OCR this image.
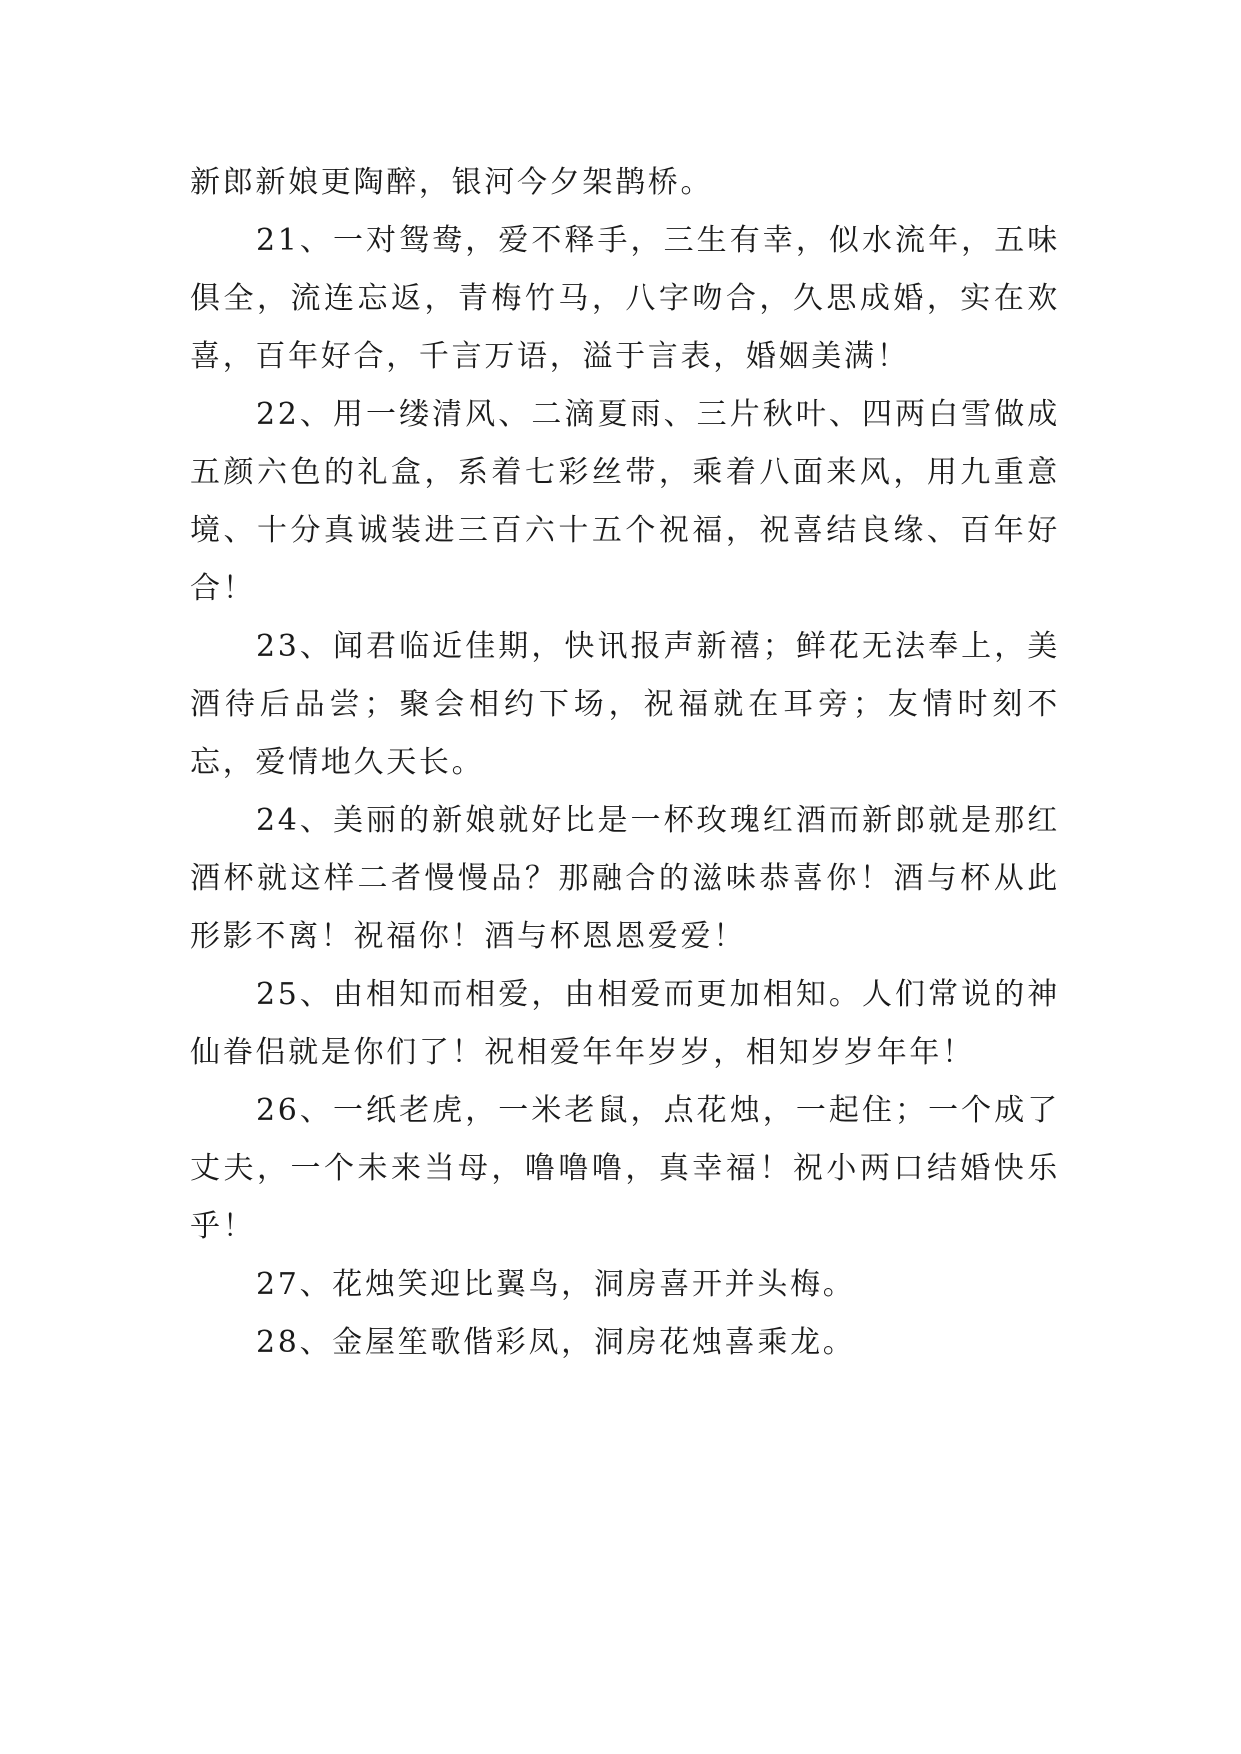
新郎新娘更陶醉，银河今夕架鹊桥。

21、一对鸳鸯，爱不释手，三生有幸，似水流年，五味俱全，流连忘返，青梅竹马，八字吻合，久思成婚，实在欢喜，百年好合，千言万语，溢于言表，婚姻美满！

22、用一缕清风、二滴夏雨、三片秋叶、四两白雪做成五颜六色的礼盒，系着七彩丝带，乘着八面来风，用九重意境、十分真诚装进三百六十五个祝福，祝喜结良缘、百年好合！

23、闻君临近佳期，快讯报声新禧；鲜花无法奉上，美酒待后品尝；聚会相约下场，祝福就在耳旁；友情时刻不忘，爱情地久天长。

24、美丽的新娘就好比是一杯玫瑰红酒而新郎就是那红酒杯就这样二者慢慢品？那融合的滋味恭喜你！酒与杯从此形影不离！祝福你！酒与杯恩恩爱爱！

25、由相知而相爱，由相爱而更加相知。人们常说的神仙眷侣就是你们了！祝相爱年年岁岁，相知岁岁年年！

26、一纸老虎，一米老鼠，点花烛，一起住；一个成了丈夫，一个未来当母，噜噜噜，真幸福！祝小两口结婚快乐乎！

27、花烛笑迎比翼鸟，洞房喜开并头梅。

28、金屋笙歌偕彩凤，洞房花烛喜乘龙。
